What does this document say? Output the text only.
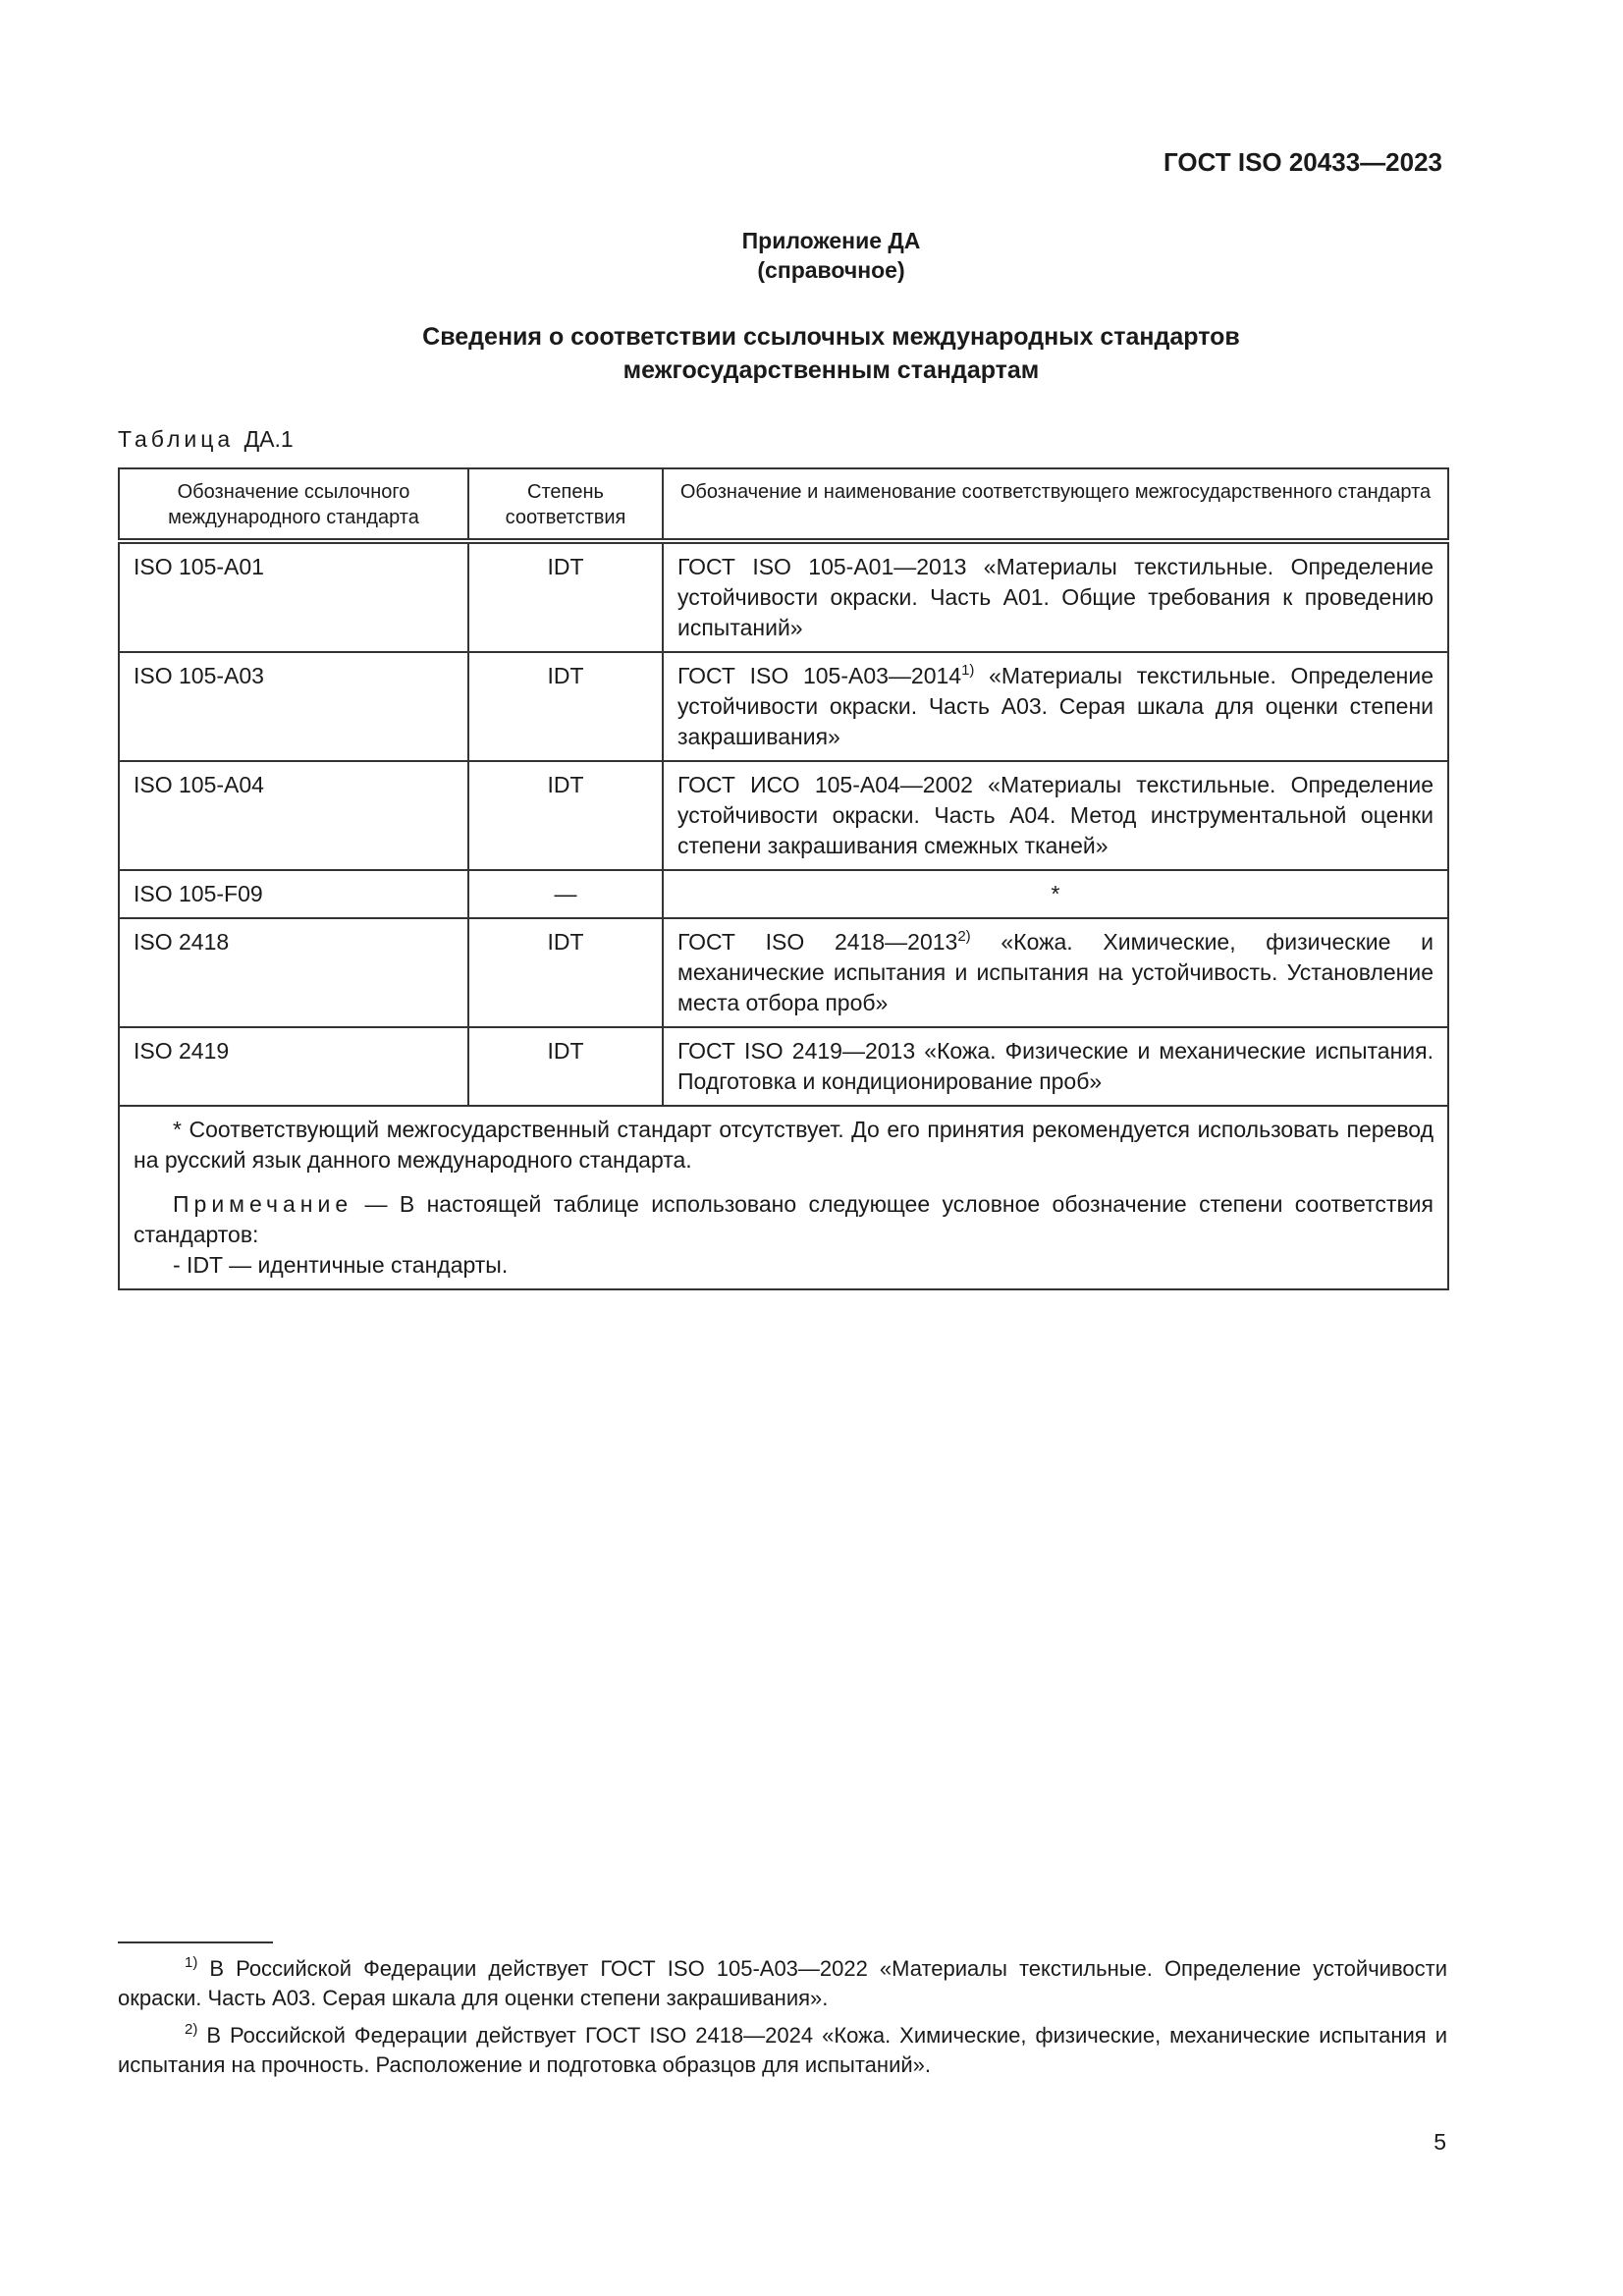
ГОСТ ISO 20433—2023
Приложение ДА
(справочное)
Сведения о соответствии ссылочных международных стандартов
межгосударственным стандартам
Таблица ДА.1
Обозначение ссылочного международного стандарта	Степень соответствия	Обозначение и наименование соответствующего межгосударственного стандарта
ISO 105-A01	IDT	ГОСТ ISO 105-A01—2013 «Материалы текстильные. Определение устойчивости окраски. Часть А01. Общие требования к проведению испытаний»
ISO 105-A03	IDT	ГОСТ ISO 105-A03—2014$^{1)}$ «Материалы текстильные. Определение устойчивости окраски. Часть А03. Серая шкала для оценки степени закрашивания»
ISO 105-A04	IDT	ГОСТ ИСО 105-А04—2002 «Материалы текстильные. Определение устойчивости окраски. Часть А04. Метод инструментальной оценки степени закрашивания смежных тканей»
ISO 105-F09	—	*
ISO 2418	IDT	ГОСТ ISO 2418—2013$^{2)}$ «Кожа. Химические, физические и механические испытания и испытания на устойчивость. Установление места отбора проб»
ISO 2419	IDT	ГОСТ ISO 2419—2013 «Кожа. Физические и механические испытания. Подготовка и кондиционирование проб»

* Соответствующий межгосударственный стандарт отсутствует. До его принятия рекомендуется использовать перевод на русский язык данного международного стандарта.

Примечание — В настоящей таблице использовано следующее условное обозначение степени соответствия стандартов:

- IDT — идентичные стандарты.		

$^{1)}$ В Российской Федерации действует ГОСТ ISO 105-A03—2022 «Материалы текстильные. Определение устойчивости окраски. Часть А03. Серая шкала для оценки степени закрашивания».

$^{2)}$ В Российской Федерации действует ГОСТ ISO 2418—2024 «Кожа. Химические, физические, механические испытания и испытания на прочность. Расположение и подготовка образцов для испытаний».

5
